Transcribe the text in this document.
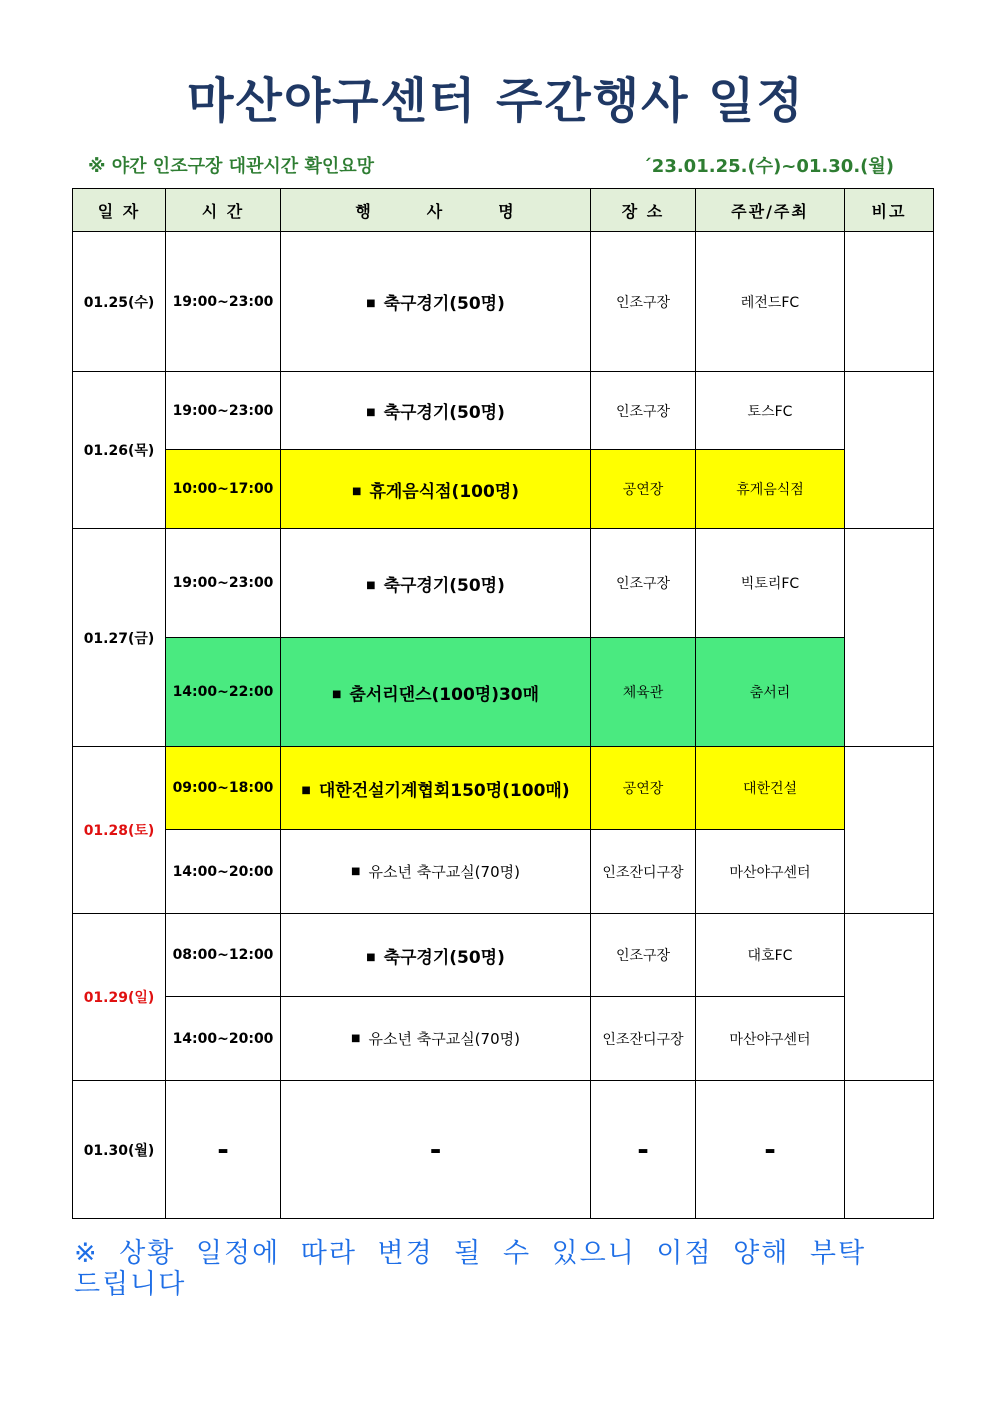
마산야구센터 주간행사 일정
※ 야간 인조구장 대관시간 확인요망	´23.01.25.(수)~01.30.(월)
일 자	시 간	행　　　사　　　명	장 소	주관/주최	비고
01.25(수)	19:00~23:00	■ 축구경기(50명)	인조구장	레전드FC	
01.26(목)	19:00~23:00	■ 축구경기(50명)	인조구장	토스FC	
	10:00~17:00	■ 휴게음식점(100명)	공연장	휴게음식점	
01.27(금)	19:00~23:00	■ 축구경기(50명)	인조구장	빅토리FC	
	14:00~22:00	■ 춤서리댄스(100명)30매	체육관	춤서리	
01.28(토)	09:00~18:00	■ 대한건설기계협회150명(100매)	공연장	대한건설	
	14:00~20:00	■ 유소년 축구교실(70명)	인조잔디구장	마산야구센터	
01.29(일)	08:00~12:00	■ 축구경기(50명)	인조구장	대호FC	
	14:00~20:00	■ 유소년 축구교실(70명)	인조잔디구장	마산야구센터	
01.30(월)	-	-	-	-	
※ 상황 일정에 따라 변경 될 수 있으니 이점 양해 부탁드립니다
